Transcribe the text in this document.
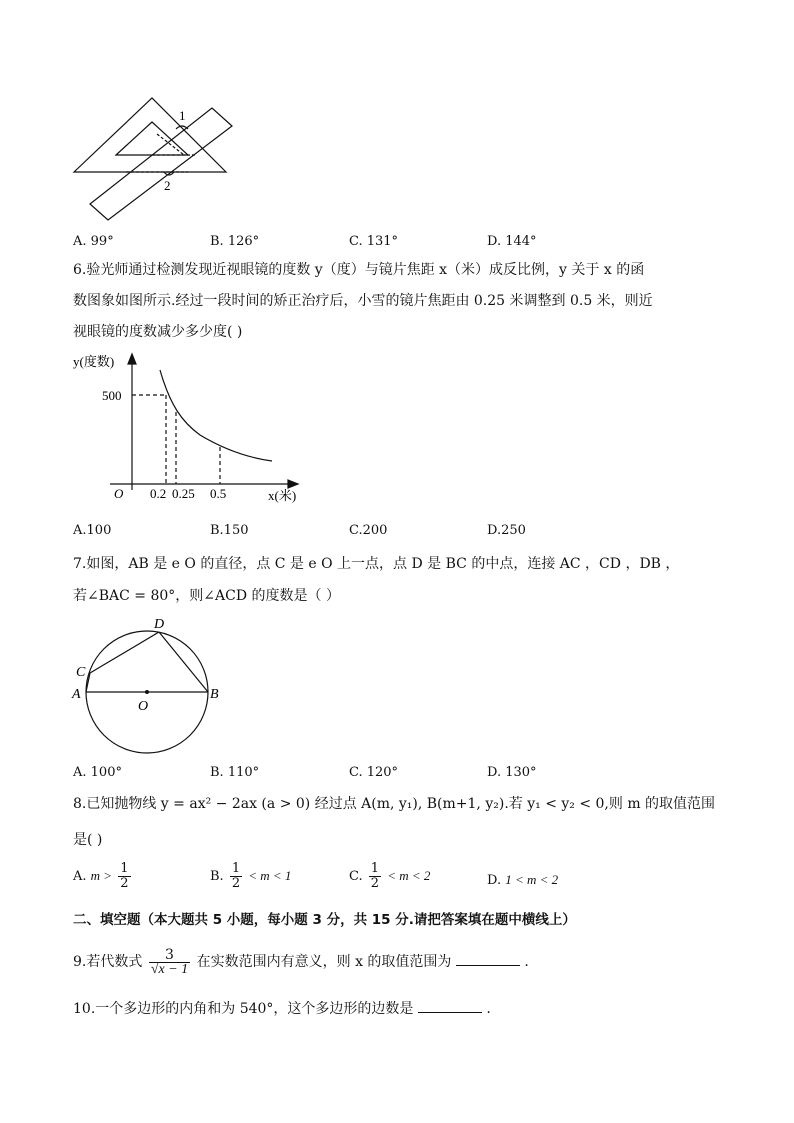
1
2
A. 99°	B. 126°	C. 131°	D. 144°
6.验光师通过检测发现近视眼镜的度数 y（度）与镜片焦距 x（米）成反比例，y 关于 x 的函
数图象如图所示.经过一段时间的矫正治疗后，小雪的镜片焦距由 0.25 米调整到 0.5 米，则近
视眼镜的度数减少多少度( )
y(度数)
500
O 0.2 0.25 0.5	x(米)
A.100	B.150	C.200	D.250
7.如图，AB 是 e O 的直径，点 C 是 e O 上一点，点 D 是 BC 的中点，连接 AC ，CD ，DB ，
若∠BAC = 80°，则∠ACD 的度数是（ ）
D
C
A	B
O
A. 100°	B. 110°	C. 120°	D. 130°
8.已知抛物线 y = ax² − 2ax (a > 0) 经过点 A(m, y₁), B(m+1, y₂).若 y₁ < y₂ < 0,则 m 的取值范围
是( )
A. $m > \frac{1}{2}$	B. $\frac{1}{2} < m < 1$	C. $\frac{1}{2} < m < 2$	D. 1 < m < 2
二、填空题（本大题共 5 小题，每小题 3 分，共 15 分.请把答案填在题中横线上）
9.若代数式 $\frac{3}{√x - 1}$ 在实数范围内有意义，则 x 的取值范围为	.
10.一个多边形的内角和为 540°，这个多边形的边数是	.
